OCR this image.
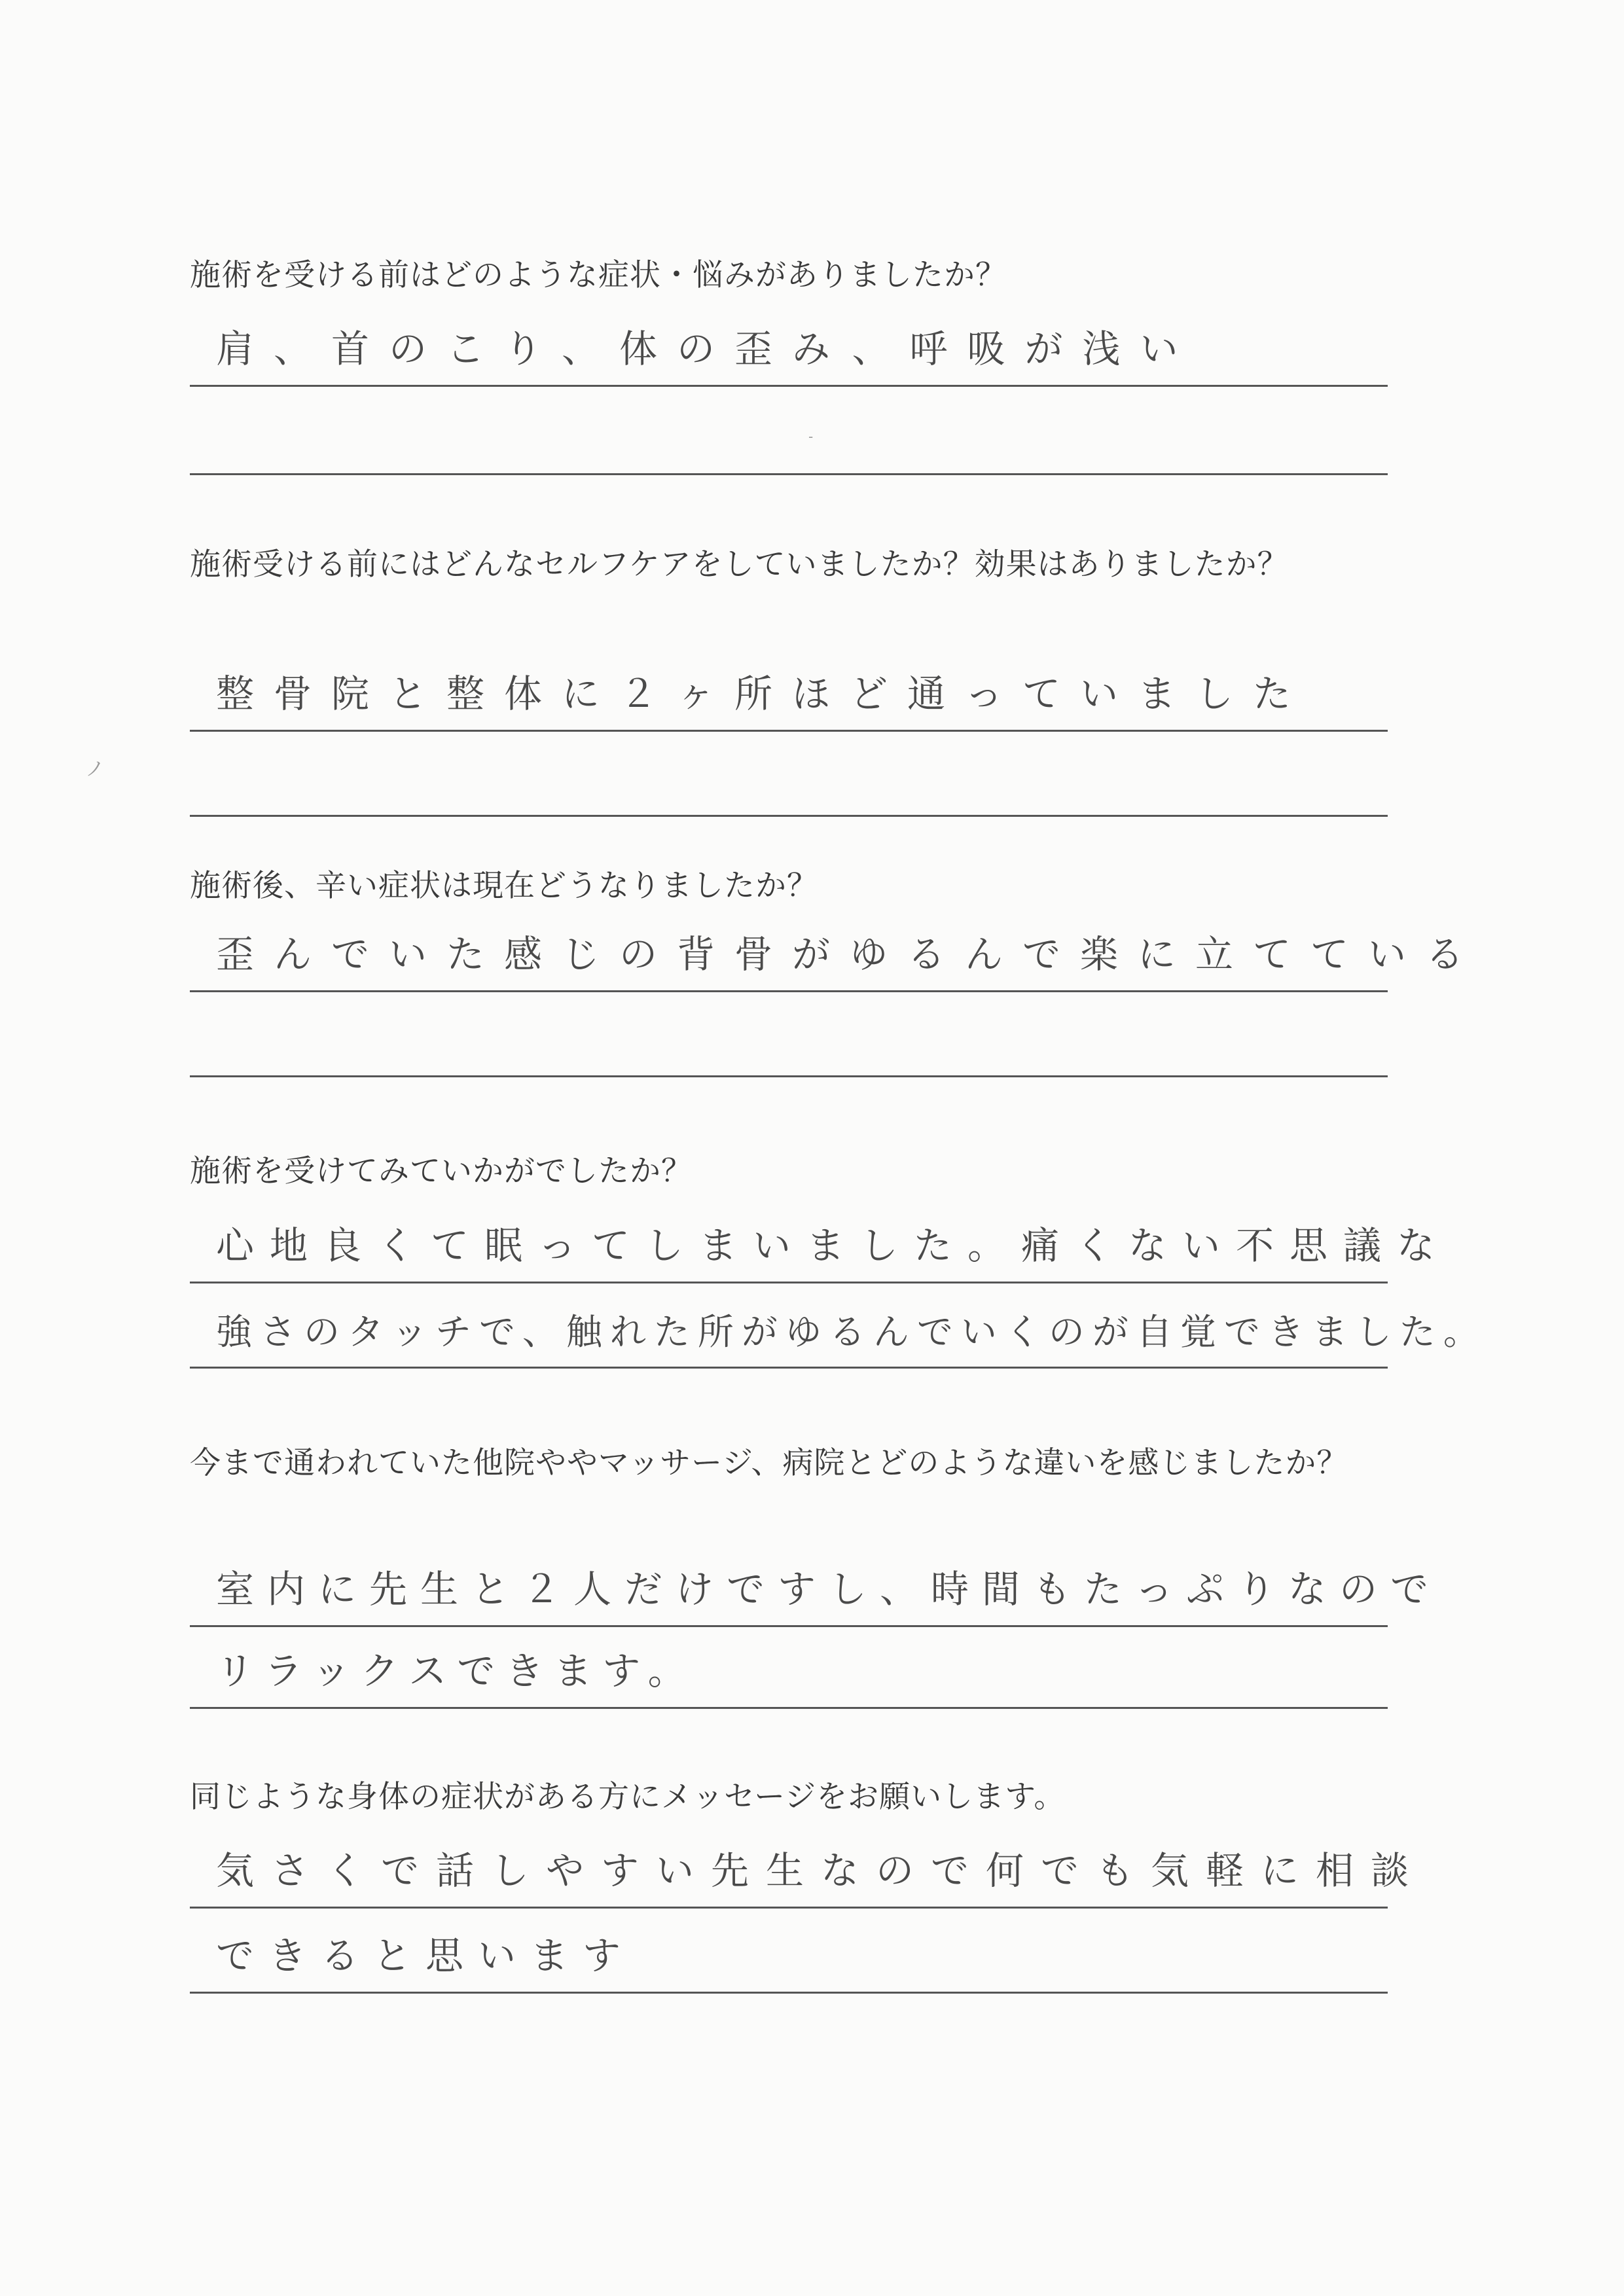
施術を受ける前はどのような症状・悩みがありましたか？
肩、首のこり、体の歪み、呼吸が浅い
施術受ける前にはどんなセルフケアをしていましたか？効果はありましたか？
整骨院と整体に２ヶ所ほど通っていました
施術後、辛い症状は現在どうなりましたか？
歪んでいた感じの背骨がゆるんで楽に立てている
施術を受けてみていかがでしたか？
心地良くて眠ってしまいました。痛くない不思議な
強さのタッチで、触れた所がゆるんでいくのが自覚できました。
今まで通われていた他院ややマッサージ、病院とどのような違いを感じましたか？
室内に先生と２人だけですし、時間もたっぷりなので
リラックスできます。
同じような身体の症状がある方にメッセージをお願いします。
気さくで話しやすい先生なので何でも気軽に相談
できると思います
ノ
-
